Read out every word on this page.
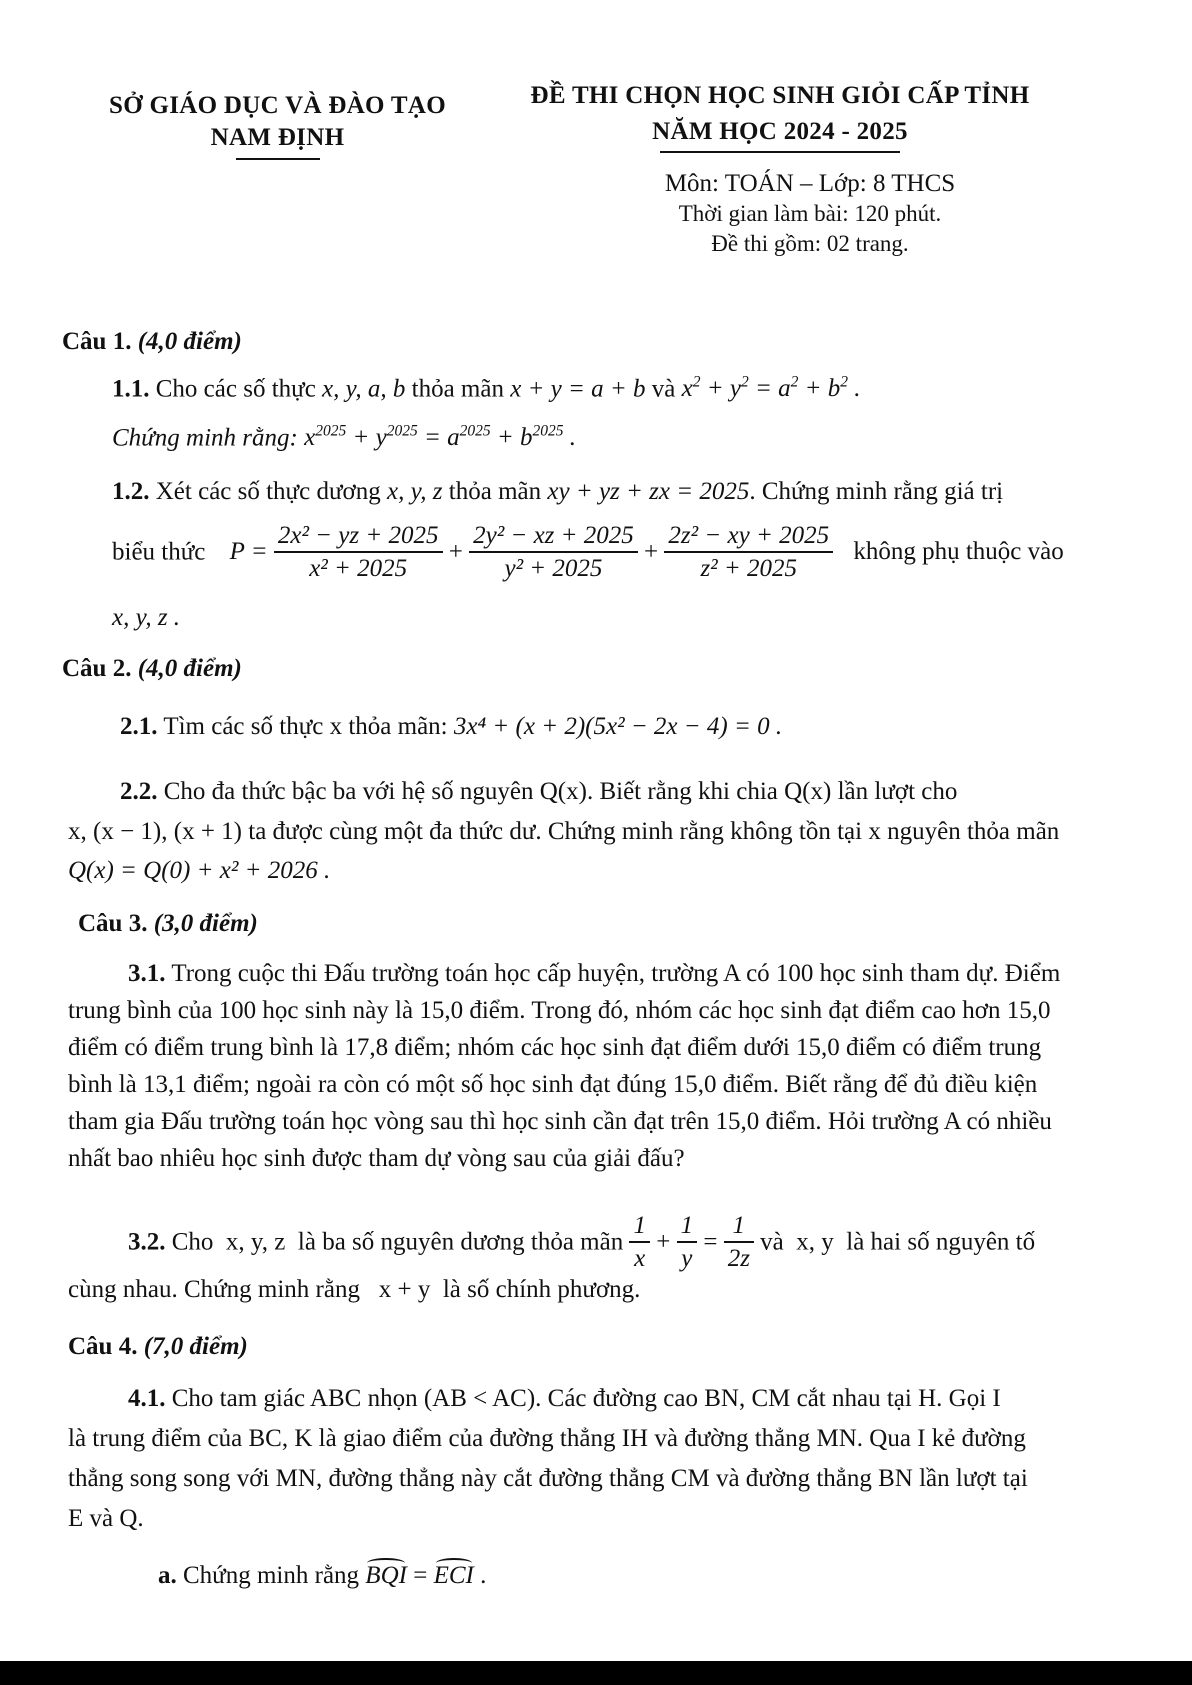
SỞ GIÁO DỤC VÀ ĐÀO TẠO
NAM ĐỊNH
ĐỀ THI CHỌN HỌC SINH GIỎI CẤP TỈNH
NĂM HỌC 2024 - 2025
Môn: TOÁN – Lớp: 8 THCS
Thời gian làm bài: 120 phút.
Đề thi gồm: 02 trang.
Câu 1. (4,0 điểm)
1.1. Cho các số thực x, y, a, b thỏa mãn x + y = a + b và $x^2 + y^2 = a^2 + b^2$ .
Chứng minh rằng: $x^{2025} + y^{2025} = a^{2025} + b^{2025}$ .
1.2. Xét các số thực dương x, y, z thỏa mãn xy + yz + zx = 2025. Chứng minh rằng giá trị
biểu thức $P = \frac{\text{2x² − yz + 2025}}{\text{x² + 2025}} + \frac{\text{2y² − xz + 2025}}{\text{y² + 2025}} + \frac{\text{2z² − xy + 2025}}{\text{z² + 2025}}$ không phụ thuộc vào
x, y, z .
Câu 2. (4,0 điểm)
2.1. Tìm các số thực x thỏa mãn: 3x⁴ + (x + 2)(5x² − 2x − 4) = 0 .
2.2. Cho đa thức bậc ba với hệ số nguyên Q(x). Biết rằng khi chia Q(x) lần lượt cho
x, (x − 1), (x + 1) ta được cùng một đa thức dư. Chứng minh rằng không tồn tại x nguyên thỏa mãn
Q(x) = Q(0) + x² + 2026 .
Câu 3. (3,0 điểm)
3.1. Trong cuộc thi Đấu trường toán học cấp huyện, trường A có 100 học sinh tham dự. Điểm
trung bình của 100 học sinh này là 15,0 điểm. Trong đó, nhóm các học sinh đạt điểm cao hơn 15,0
điểm có điểm trung bình là 17,8 điểm; nhóm các học sinh đạt điểm dưới 15,0 điểm có điểm trung
bình là 13,1 điểm; ngoài ra còn có một số học sinh đạt đúng 15,0 điểm. Biết rằng để đủ điều kiện
tham gia Đấu trường toán học vòng sau thì học sinh cần đạt trên 15,0 điểm. Hỏi trường A có nhiều
nhất bao nhiêu học sinh được tham dự vòng sau của giải đấu?
3.2. Cho  x, y, z  là ba số nguyên dương thỏa mãn $\frac{1}{x} + \frac{1}{y} = \frac{1}{2z}$ và  x, y  là hai số nguyên tố
cùng nhau. Chứng minh rằng   x + y  là số chính phương.
Câu 4. (7,0 điểm)
4.1. Cho tam giác ABC nhọn (AB < AC). Các đường cao BN, CM cắt nhau tại H. Gọi I
là trung điểm của BC, K là giao điểm của đường thẳng IH và đường thẳng MN. Qua I kẻ đường
thẳng song song với MN, đường thẳng này cắt đường thẳng CM và đường thẳng BN lần lượt tại
E và Q.
a. Chứng minh rằng BQI = ECI .
